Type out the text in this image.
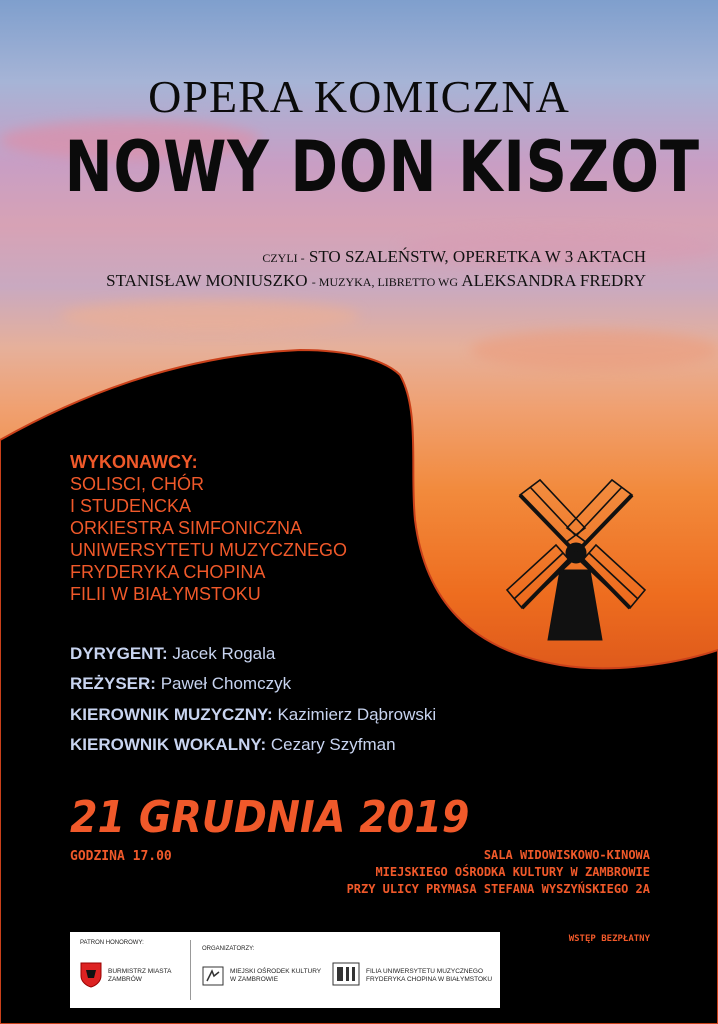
OPERA KOMICZNA
NOWY DON KISZOT
CZYLI - STO SZALEŃSTW, OPERETKA W 3 AKTACH
STANISŁAW MONIUSZKO - MUZYKA, LIBRETTO WG ALEKSANDRA FREDRY
WYKONAWCY:
SOLISCI, CHÓR
I STUDENCKA
ORKIESTRA SIMFONICZNA
UNIWERSYTETU MUZYCZNEGO
FRYDERYKA CHOPINA
FILII W BIAŁYMSTOKU
DYRYGENT: Jacek Rogala
REŻYSER: Paweł Chomczyk
KIEROWNIK MUZYCZNY: Kazimierz Dąbrowski
KIEROWNIK WOKALNY: Cezary Szyfman
21 GRUDNIA 2019
GODZINA 17.00	SALA WIDOWISKOWO-KINOWA
MIEJSKIEGO OŚRODKA KULTURY W ZAMBROWIE
PRZY ULICY PRYMASA STEFANA WYSZYŃSKIEGO 2A
WSTĘP BEZPŁATNY
PATRON HONOROWY:
BURMISTRZ MIASTA
ZAMBRÓW
ORGANIZATORZY:
MIEJSKI OŚRODEK KULTURY
W ZAMBROWIE
FILIA UNIWERSYTETU MUZYCZNEGO
FRYDERYKA CHOPINA W BIAŁYMSTOKU
